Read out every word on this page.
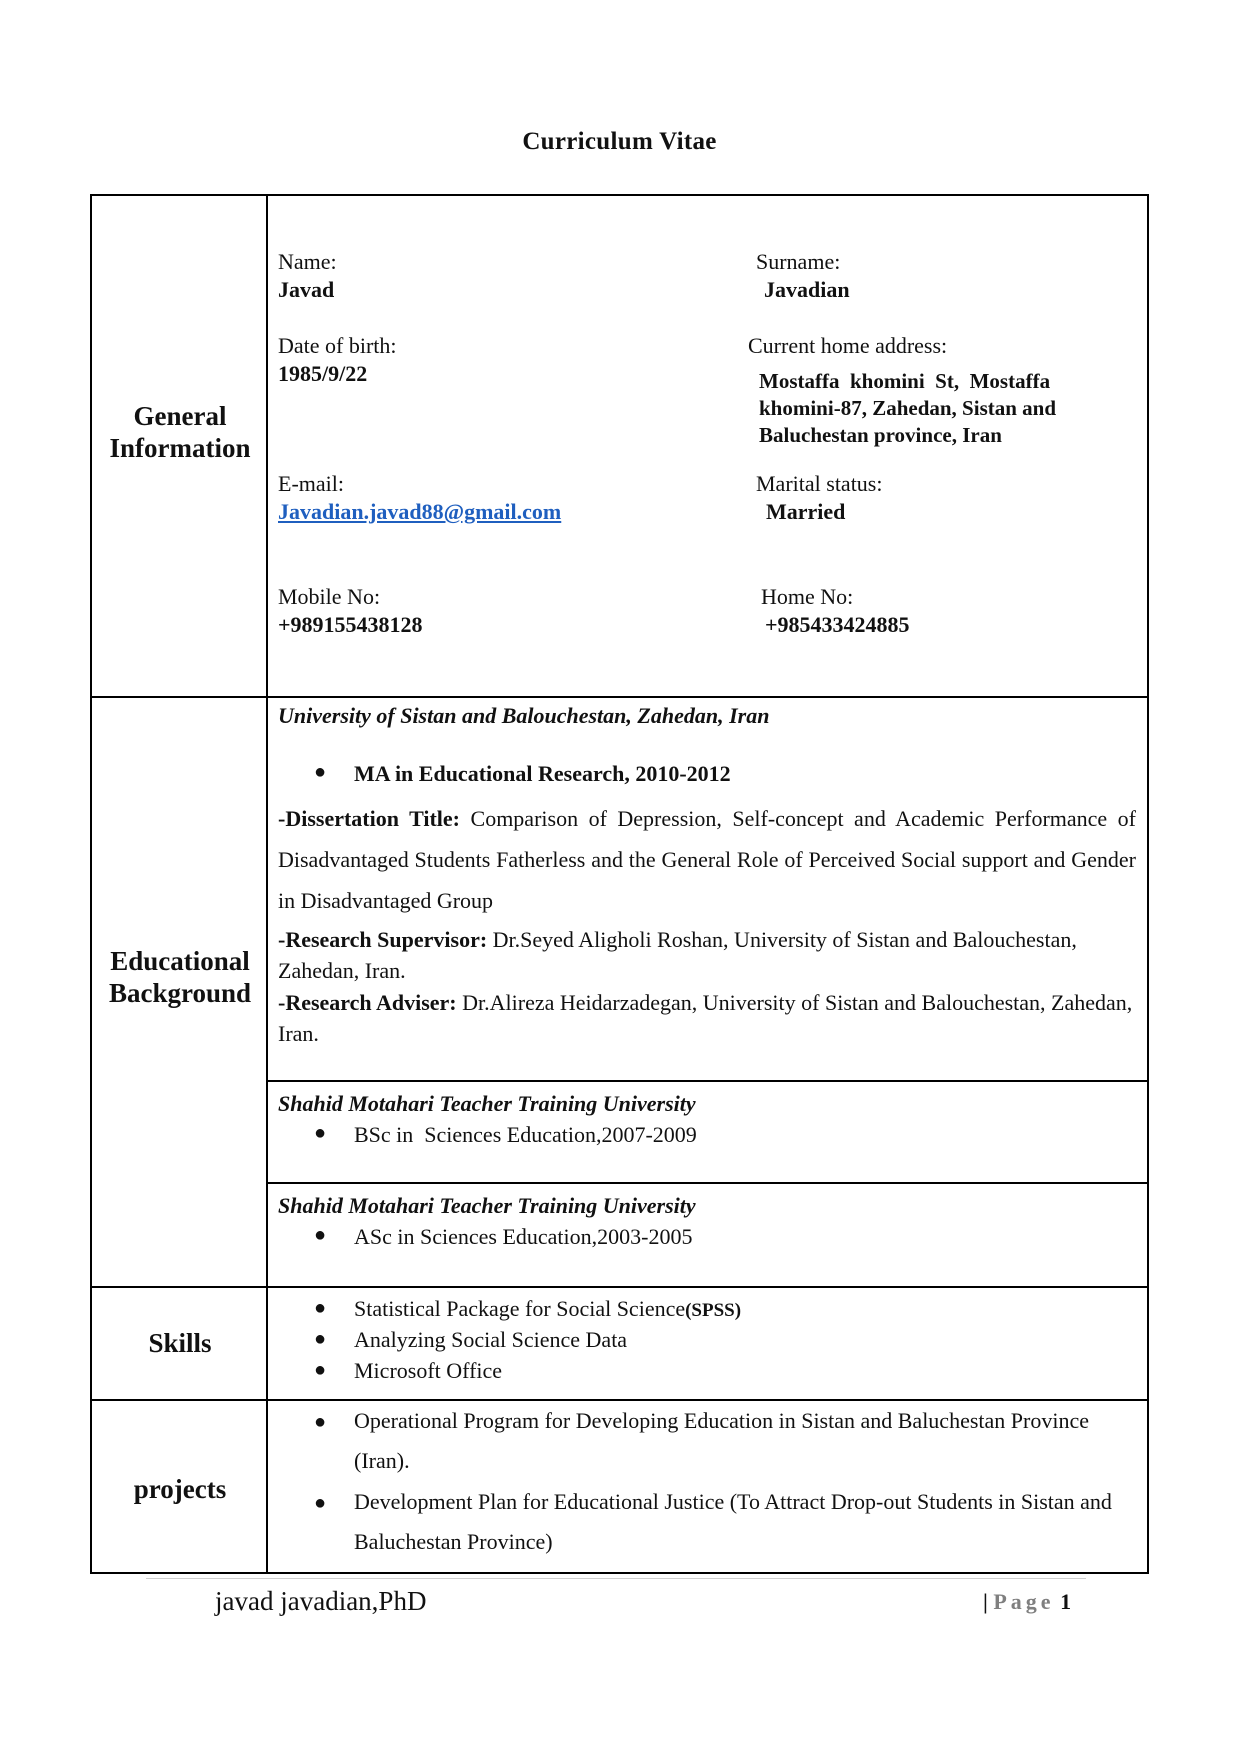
Curriculum Vitae
General Information
Educational Background
Skills
projects
Name:
Javad
Surname:
Javadian
Date of birth:
1985/9/22
Current home address:
Mostaffa  khomini  St,  Mostaffa
khomini-87, Zahedan, Sistan and
Baluchestan province, Iran
E-mail:
Javadian.javad88@gmail.com
Marital status:
Married
Mobile No:
+989155438128
Home No:
+985433424885
University of Sistan and Balouchestan, Zahedan, Iran
● MA in Educational Research, 2010-2012
-Dissertation Title: Comparison of Depression, Self-concept and Academic Performance of Disadvantaged Students Fatherless and the General Role of Perceived Social support and Gender in Disadvantaged Group
-Research Supervisor: Dr.Seyed Aligholi Roshan, University of Sistan and Balouchestan, Zahedan, Iran.
-Research Adviser: Dr.Alireza Heidarzadegan, University of Sistan and Balouchestan, Zahedan, Iran.
Shahid Motahari Teacher Training University
● BSc in  Sciences Education,2007-2009
Shahid Motahari Teacher Training University
● ASc in Sciences Education,2003-2005
● Statistical Package for Social Science(SPSS)
● Analyzing Social Science Data
● Microsoft Office
● Operational Program for Developing Education in Sistan and Baluchestan Province (Iran).
● Development Plan for Educational Justice (To Attract Drop-out Students in Sistan and Baluchestan Province)
javad javadian,PhD	| Page 1
